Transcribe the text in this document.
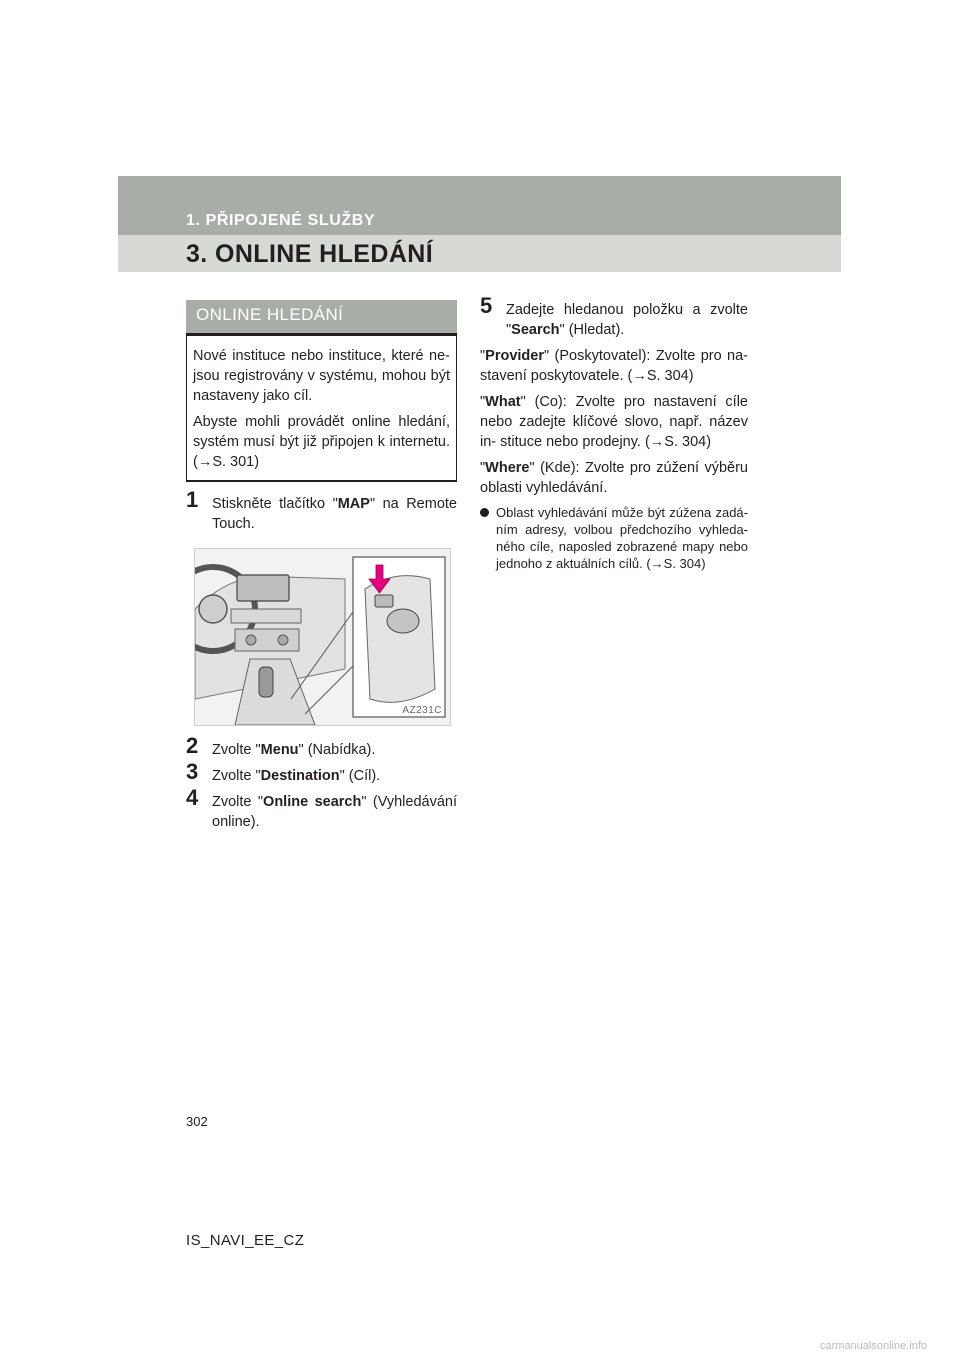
1. PŘIPOJENÉ SLUŽBY
3. ONLINE HLEDÁNÍ
ONLINE HLEDÁNÍ

Nové instituce nebo instituce, které ne- jsou registrovány v systému, mohou být nastaveny jako cíl.

Abyste mohli provádět online hledání, systém musí být již připojen k internetu. (→S. 301)

1 Stiskněte tlačítko "MAP" na Remote Touch.
AZ231C
2 Zvolte "Menu" (Nabídka).
3 Zvolte "Destination" (Cíl).
4 Zvolte "Online search" (Vyhledávání online).
5 Zadejte hledanou položku a zvolte "Search" (Hledat).

"Provider" (Poskytovatel): Zvolte pro na- stavení poskytovatele. (→S. 304)

"What" (Co): Zvolte pro nastavení cíle nebo zadejte klíčové slovo, např. název in- stituce nebo prodejny. (→S. 304)

"Where" (Kde): Zvolte pro zúžení výběru oblasti vyhledávání.

Oblast vyhledávání může být zúžena zadá- ním adresy, volbou předchozího vyhleda- ného cíle, naposled zobrazené mapy nebo jednoho z aktuálních cílů. (→S. 304)
302
IS_NAVI_EE_CZ
carmanualsonline.info
